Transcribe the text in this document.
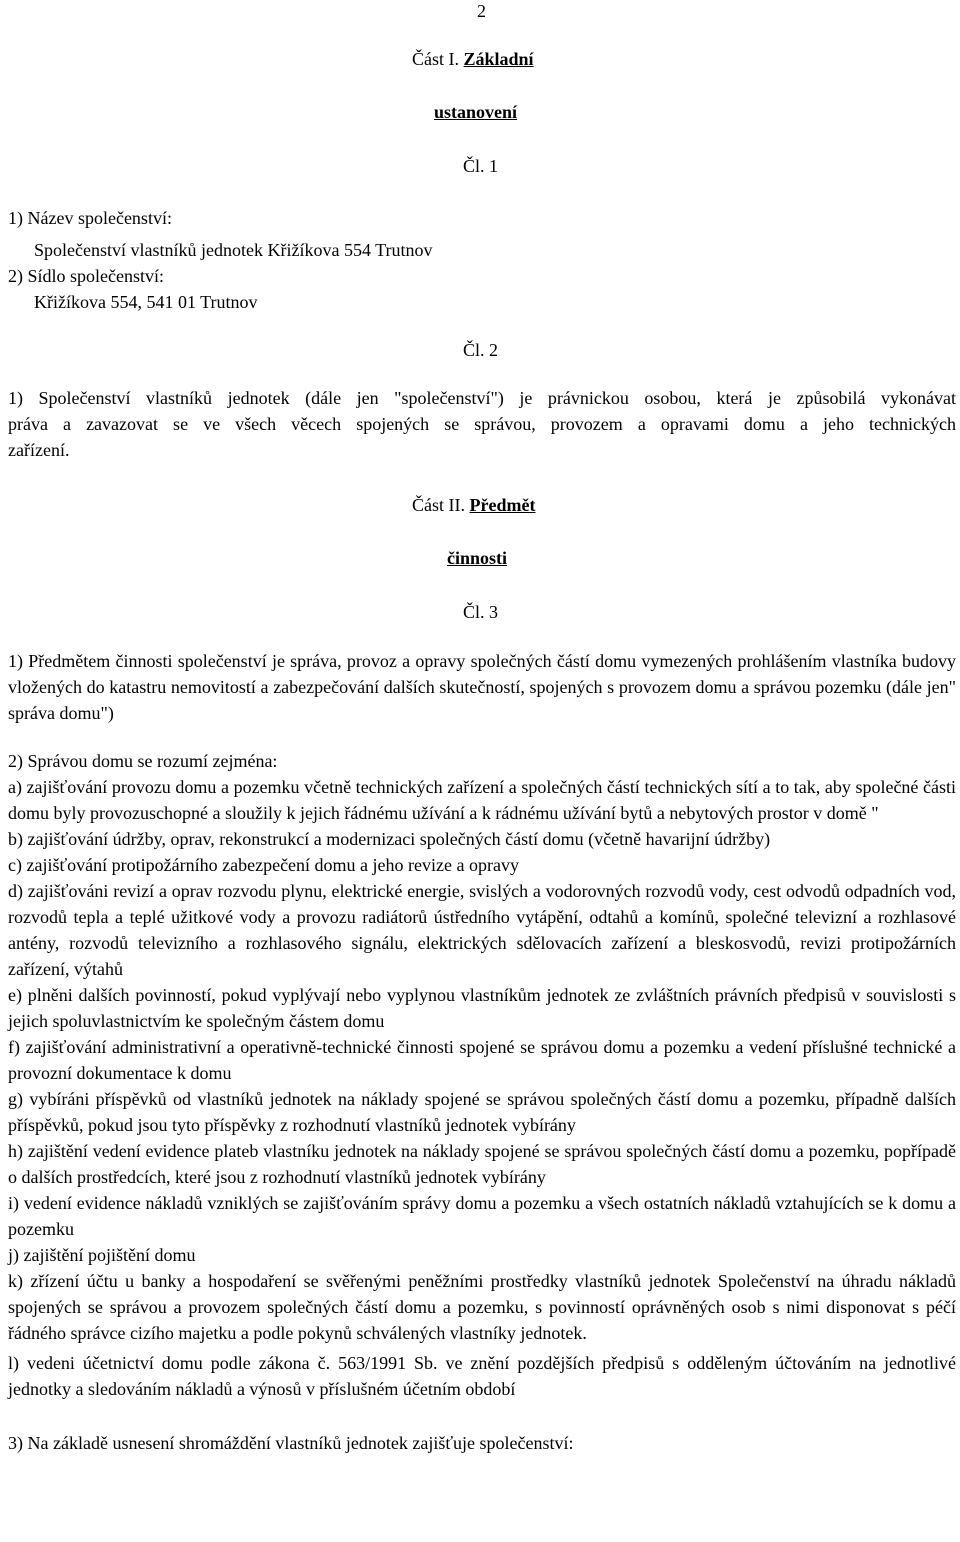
2
Část I. Základní
ustanovení
Čl. 1
1) Název společenství:
Společenství vlastníků jednotek Křižíkova 554 Trutnov
2) Sídlo společenství:
Křižíkova 554, 541 01 Trutnov
Čl. 2
1) Společenství vlastníků jednotek (dále jen "společenství") je právnickou osobou, která je způsobilá vykonávat
práva a zavazovat se ve všech věcech spojených se správou, provozem a opravami domu a jeho technických
zařízení.
Část II. Předmět
činnosti
Čl. 3

1) Předmětem činnosti společenství je správa, provoz a opravy společných částí domu vymezených prohlášením vlastníka budovy vložených do katastru nemovitostí a zabezpečování dalších skutečností, spojených s provozem domu a správou pozemku (dále jen" správa domu")

2) Správou domu se rozumí zejména:

a) zajišťování provozu domu a pozemku včetně technických zařízení a společných částí technických sítí a to tak, aby společné části domu byly provozuschopné a sloužily k jejich řádnému užívání a k rádnému užívání bytů a nebytových prostor v domě "

b) zajišťování údržby, oprav, rekonstrukcí a modernizaci společných částí domu (včetně havarijní údržby)

c) zajišťování protipožárního zabezpečení domu a jeho revize a opravy

d) zajišťováni revizí a oprav rozvodu plynu, elektrické energie, svislých a vodorovných rozvodů vody, cest odvodů odpadních vod, rozvodů tepla a teplé užitkové vody a provozu radiátorů ústředního vytápění, odtahů a komínů, společné televizní a rozhlasové antény, rozvodů televizního a rozhlasového signálu, elektrických sdělovacích zařízení a bleskosvodů, revizi protipožárních zařízení, výtahů

e) plněni dalších povinností, pokud vyplývají nebo vyplynou vlastníkům jednotek ze zvláštních právních předpisů v souvislosti s jejich spoluvlastnictvím ke společným částem domu

f) zajišťování administrativní a operativně-technické činnosti spojené se správou domu a pozemku a vedení příslušné technické a provozní dokumentace k domu

g) vybíráni příspěvků od vlastníků jednotek na náklady spojené se správou společných částí domu a pozemku, případně dalších příspěvků, pokud jsou tyto příspěvky z rozhodnutí vlastníků jednotek vybírány

h) zajištění vedení evidence plateb vlastníku jednotek na náklady spojené se správou společných částí domu a pozemku, popřípadě o dalších prostředcích, které jsou z rozhodnutí vlastníků jednotek vybírány

i) vedení evidence nákladů vzniklých se zajišťováním správy domu a pozemku a všech ostatních nákladů vztahujících se k domu a pozemku

j) zajištění pojištění domu

k) zřízení účtu u banky a hospodaření se svěřenými peněžními prostředky vlastníků jednotek Společenství na úhradu nákladů spojených se správou a provozem společných částí domu a pozemku, s povinností oprávněných osob s nimi disponovat s péčí řádného správce cizího majetku a podle pokynů schválených vlastníky jednotek.

l) vedeni účetnictví domu podle zákona č. 563/1991 Sb. ve znění pozdějších předpisů s odděleným účtováním na jednotlivé jednotky a sledováním nákladů a výnosů v příslušném účetním období

3) Na základě usnesení shromáždění vlastníků jednotek zajišťuje společenství:
